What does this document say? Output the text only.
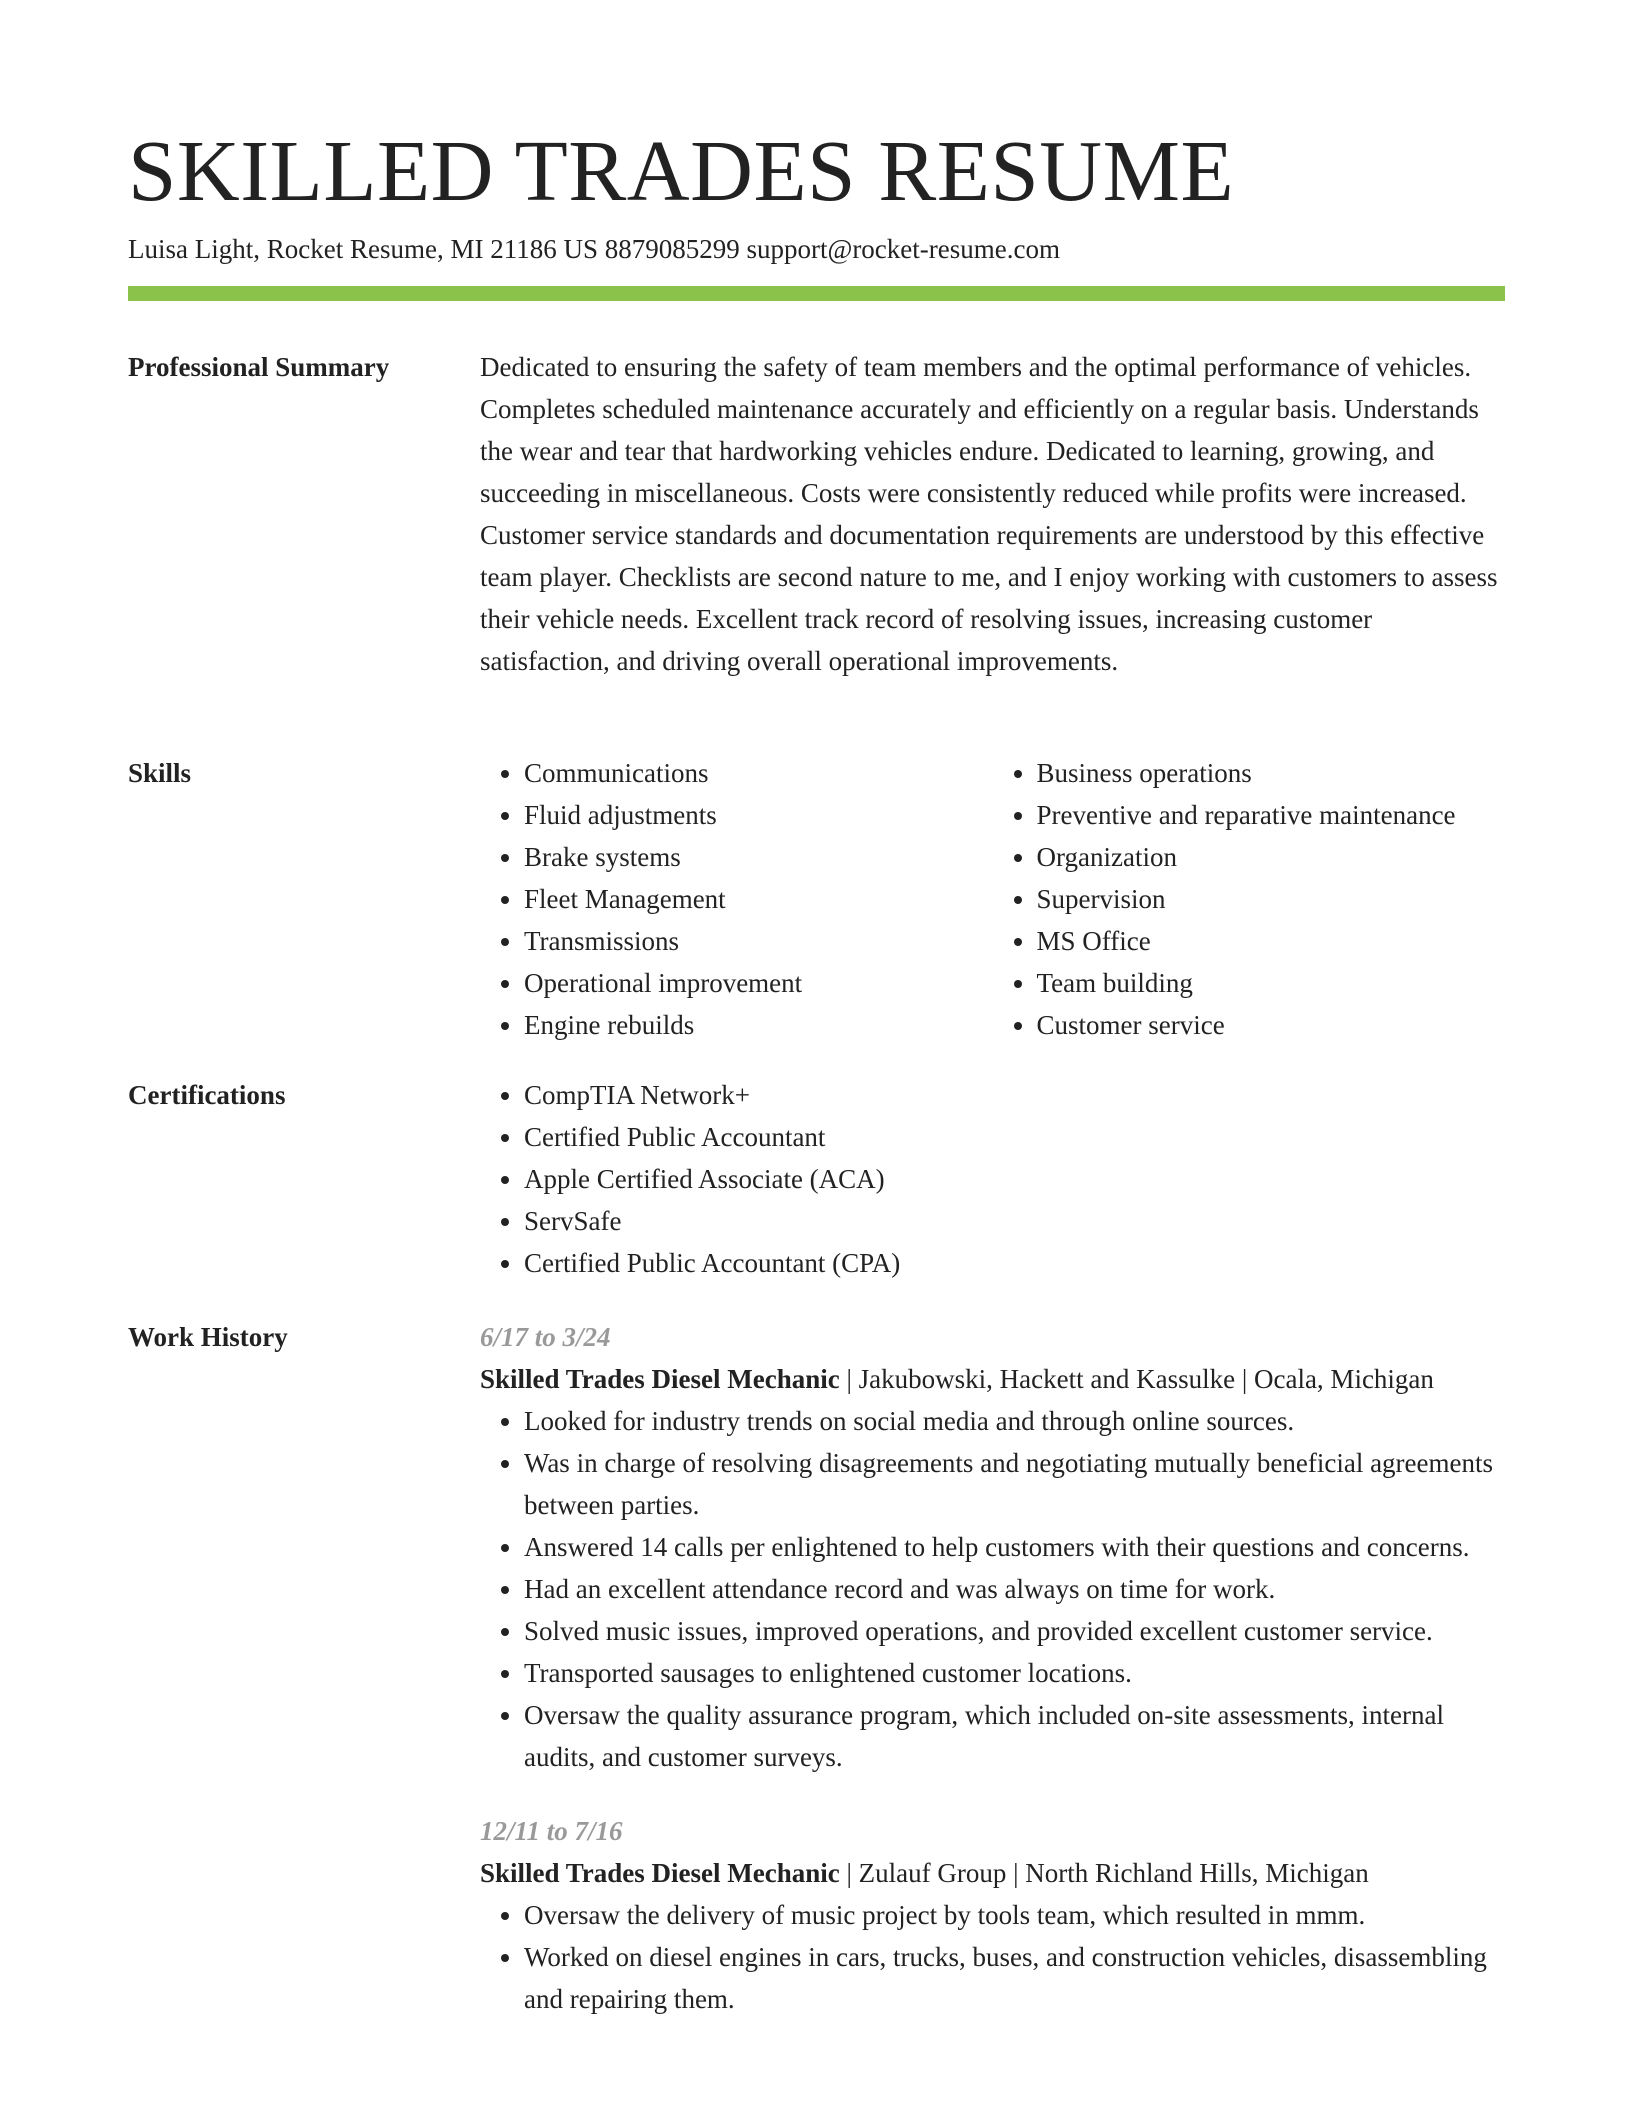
SKILLED TRADES RESUME
Luisa Light, Rocket Resume, MI 21186 US 8879085299 support@rocket-resume.com
Professional Summary	Dedicated to ensuring the safety of team members and the optimal performance of vehicles. Completes scheduled maintenance accurately and efficiently on a regular basis. Understands the wear and tear that hardworking vehicles endure. Dedicated to learning, growing, and succeeding in miscellaneous. Costs were consistently reduced while profits were increased. Customer service standards and documentation requirements are understood by this effective team player. Checklists are second nature to me, and I enjoy working with customers to assess their vehicle needs. Excellent track record of resolving issues, increasing customer satisfaction, and driving overall operational improvements.

Skills	• Communications
• Fluid adjustments
• Brake systems
• Fleet Management
• Transmissions
• Operational improvement
• Engine rebuilds
• Business operations
• Preventive and reparative maintenance
• Organization
• Supervision
• MS Office
• Team building
• Customer service
Certifications	• CompTIA Network+
• Certified Public Accountant
• Apple Certified Associate (ACA)
• ServSafe
• Certified Public Accountant (CPA)
Work History	6/17 to 3/24
Skilled Trades Diesel Mechanic | Jakubowski, Hackett and Kassulke | Ocala, Michigan
• Looked for industry trends on social media and through online sources.
• Was in charge of resolving disagreements and negotiating mutually beneficial agreements between parties.
• Answered 14 calls per enlightened to help customers with their questions and concerns.
• Had an excellent attendance record and was always on time for work.
• Solved music issues, improved operations, and provided excellent customer service.
• Transported sausages to enlightened customer locations.
• Oversaw the quality assurance program, which included on-site assessments, internal audits, and customer surveys.
12/11 to 7/16
Skilled Trades Diesel Mechanic | Zulauf Group | North Richland Hills, Michigan
• Oversaw the delivery of music project by tools team, which resulted in mmm.
• Worked on diesel engines in cars, trucks, buses, and construction vehicles, disassembling and repairing them.
